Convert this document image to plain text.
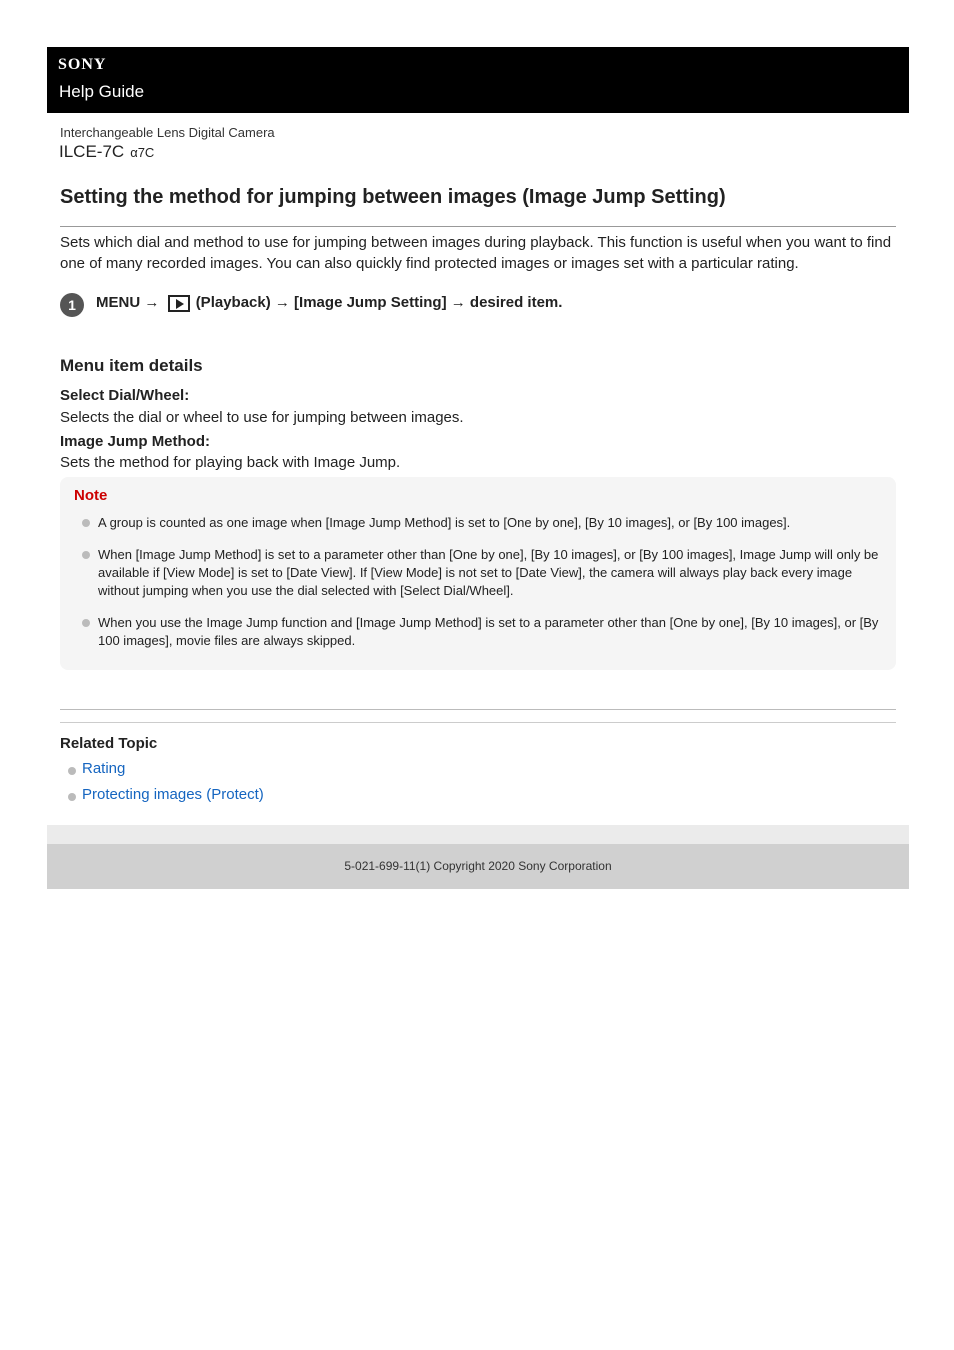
SONY
Help Guide
Interchangeable Lens Digital Camera
ILCE-7C α7C
Setting the method for jumping between images (Image Jump Setting)

Sets which dial and method to use for jumping between images during playback. This function is useful when you want to find one of many recorded images. You can also quickly find protected images or images set with a particular rating.

1	MENU → (Playback) → [Image Jump Setting] → desired item.
Menu item details
Select Dial/Wheel:
Selects the dial or wheel to use for jumping between images.
Image Jump Method:
Sets the method for playing back with Image Jump.
Note
A group is counted as one image when [Image Jump Method] is set to [One by one], [By 10 images], or [By 100 images].
When [Image Jump Method] is set to a parameter other than [One by one], [By 10 images], or [By 100 images], Image Jump will only be available if [View Mode] is set to [Date View]. If [View Mode] is not set to [Date View], the camera will always play back every image without jumping when you use the dial selected with [Select Dial/Wheel].
When you use the Image Jump function and [Image Jump Method] is set to a parameter other than [One by one], [By 10 images], or [By 100 images], movie files are always skipped.
Related Topic
Rating
Protecting images (Protect)
5-021-699-11(1) Copyright 2020 Sony Corporation
